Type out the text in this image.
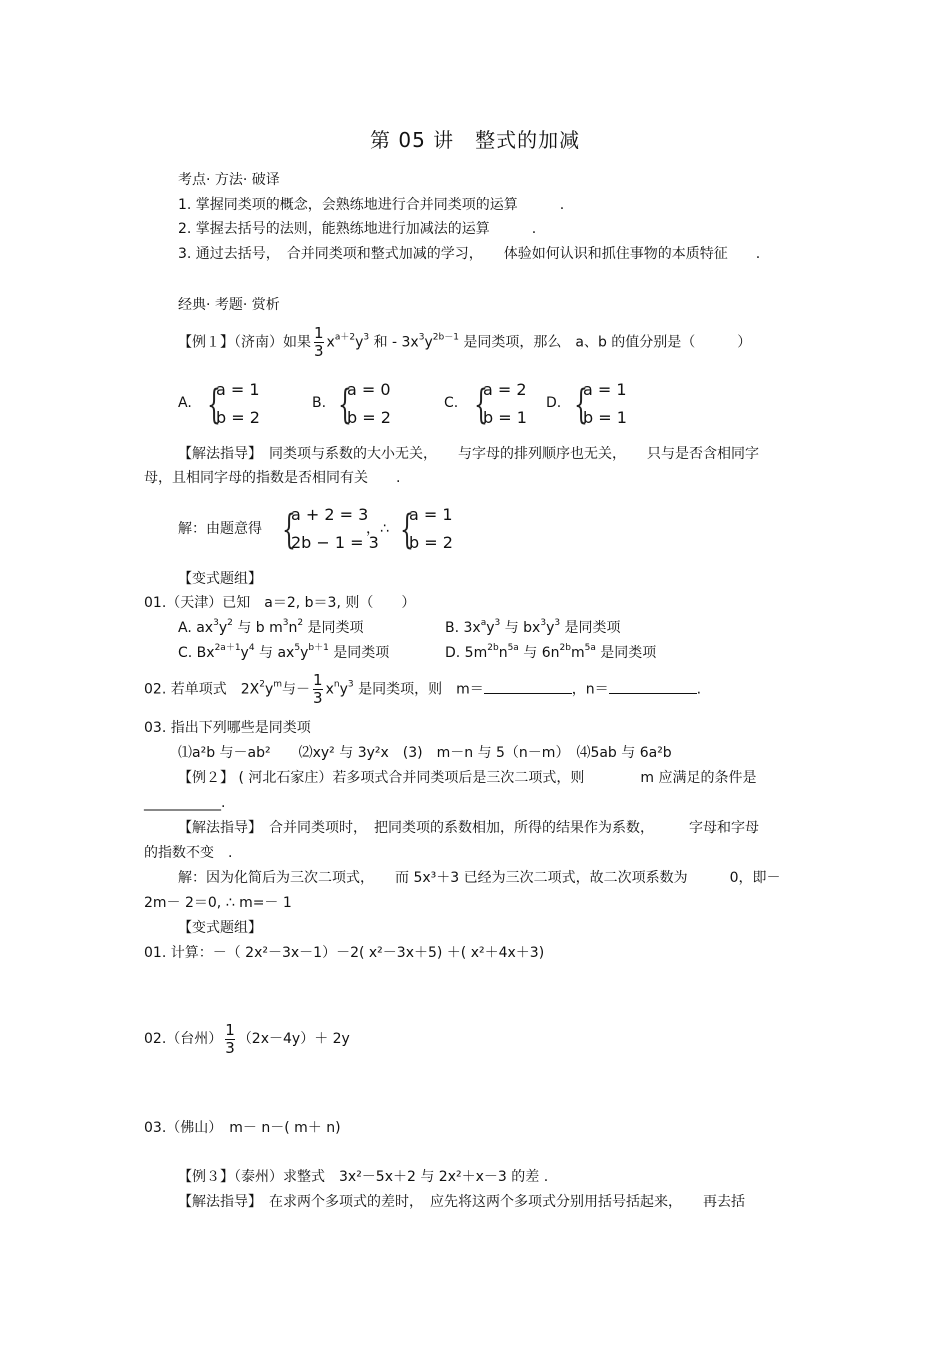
第 05 讲　整式的加减
考点· 方法· 破译
1. 掌握同类项的概念，会熟练地进行合并同类项的运算　　　.
2. 掌握去括号的法则，能熟练地进行加减法的运算　　　.
3. 通过去括号，　合并同类项和整式加减的学习，　　体验如何认识和抓住事物的本质特征　　.
经典· 考题· 赏析
【例１】（济南）如果 $\frac{1}{3} x^{a+2}y^3$ 和 - $3x^3y^{2b-1}$ 是同类项，那么　a、b 的值分别是（　　　）
A. {
a = 1
b = 2
B. {
a = 0
b = 2
C. {
a = 2
b = 1
D. {
a = 1
b = 1
【解法指导】　同类项与系数的大小无关，　　与字母的排列顺序也无关，　　只与是否含相同字
母，且相同字母的指数是否相同有关　　.
解：由题意得 {
a + 2 = 3
2b − 1 = 3
，∴ {
a = 1
b = 2
【变式题组】
01.（天津）已知　a＝2, b＝3, 则（　　）
A. $ax^3y^2$ 与 b $m^3n^2$ 是同类项	B. $3x^ay^3$ 与 $bx^3y^3$ 是同类项
C. $Bx^{2a+1}y^4$ 与 $ax^5y^{b+1}$ 是同类项	D. $5m^{2b}n^{5a}$ 与 $6n^{2b}m^{5a}$ 是同类项
02. 若单项式　$2X^2y^m$与－ $\frac{1}{3} x^ny^3$ 是同类项，则　m＝	，n＝	.
03. 指出下列哪些是同类项
⑴a²b 与－ab²　　⑵xy² 与 3y²x　(3)　m－n 与 5（n－m）　⑷5ab 与 6a²b
【例２】 ( 河北石家庄）若多项式合并同类项后是三次二项式，则　　　　m 应满足的条件是
___________.
【解法指导】　合并同类项时，　把同类项的系数相加，所得的结果作为系数，　　　字母和字母
的指数不变　.
解：因为化简后为三次二项式，　　而 5x³＋3 已经为三次二项式，故二次项系数为　　　0，即－
2m－ 2＝0, ∴ m=－ 1
【变式题组】
01. 计算：－（ 2x²－3x－1）－2( x²－3x＋5) ＋( x²＋4x＋3)
02.（台州） $\frac{1}{3} (2x-4y)+ 2y$
03.（佛山）　m－ n－( m＋ n)
【例３】（泰州）求整式　3x²－5x＋2 与 2x²＋x－3 的差 .
【解法指导】　在求两个多项式的差时，　应先将这两个多项式分别用括号括起来，　　再去括
